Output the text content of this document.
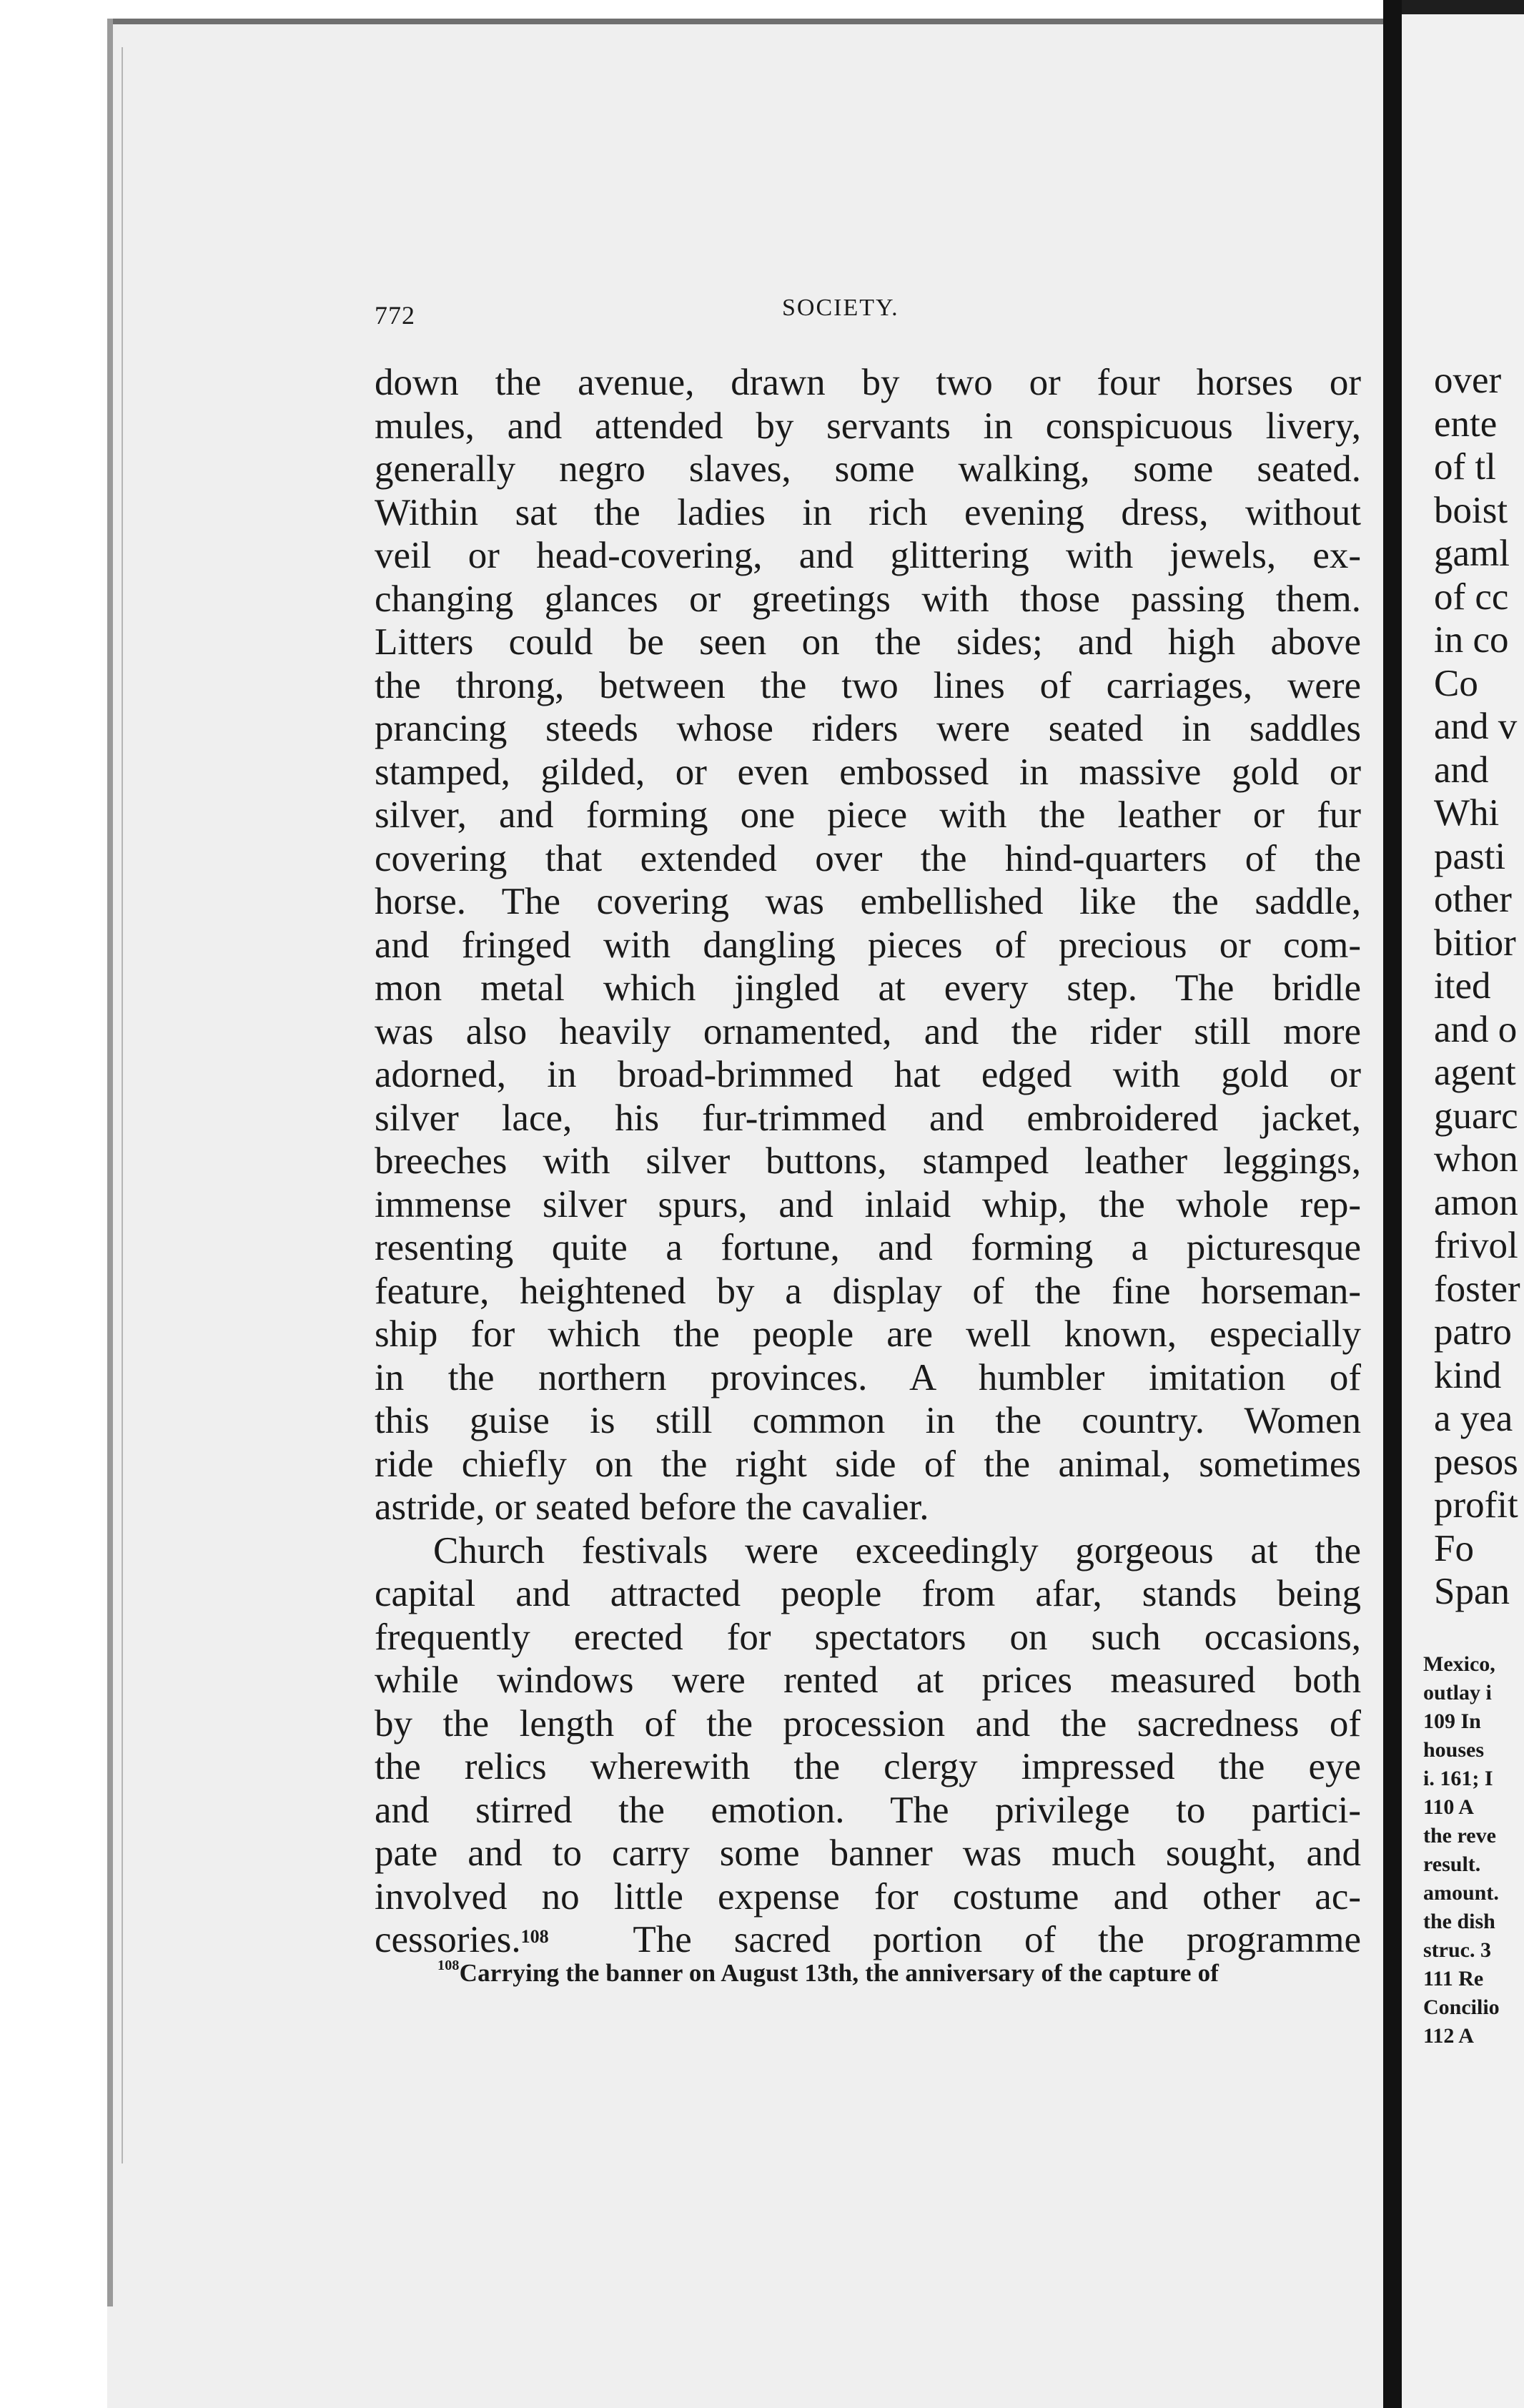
over
ente
of tl
boist
gaml
of cc
in co
Co
and v
and
Whi
pasti
other
bitior
ited
and o
agent
guarc
whon
amon
frivol
foster
patro
kind
a yea
pesos
profit
Fo
Span
Mexico,
outlay i
109 In
houses
i. 161; I
110 A
the reve
result.
amount.
the dish
struc. 3
111 Re
Concilio
112 A
772	SOCIETY.
down the avenue, drawn by two or four horses or
mules, and attended by servants in conspicuous livery,
generally negro slaves, some walking, some seated.
Within sat the ladies in rich evening dress, without
veil or head-covering, and glittering with jewels, ex-
changing glances or greetings with those passing them.
Litters could be seen on the sides; and high above
the throng, between the two lines of carriages, were
prancing steeds whose riders were seated in saddles
stamped, gilded, or even embossed in massive gold or
silver, and forming one piece with the leather or fur
covering that extended over the hind-quarters of the
horse. The covering was embellished like the saddle,
and fringed with dangling pieces of precious or com-
mon metal which jingled at every step. The bridle
was also heavily ornamented, and the rider still more
adorned, in broad-brimmed hat edged with gold or
silver lace, his fur-trimmed and embroidered jacket,
breeches with silver buttons, stamped leather leggings,
immense silver spurs, and inlaid whip, the whole rep-
resenting quite a fortune, and forming a picturesque
feature, heightened by a display of the fine horseman-
ship for which the people are well known, especially
in the northern provinces. A humbler imitation of
this guise is still common in the country. Women
ride chiefly on the right side of the animal, sometimes
astride, or seated before the cavalier.
Church festivals were exceedingly gorgeous at the
capital and attracted people from afar, stands being
frequently erected for spectators on such occasions,
while windows were rented at prices measured both
by the length of the procession and the sacredness of
the relics wherewith the clergy impressed the eye
and stirred the emotion. The privilege to partici-
pate and to carry some banner was much sought, and
involved no little expense for costume and other ac-
cessories.$^{108}$ The sacred portion of the programme
$^{108}$Carrying the banner on August 13th, the anniversary of the capture of
